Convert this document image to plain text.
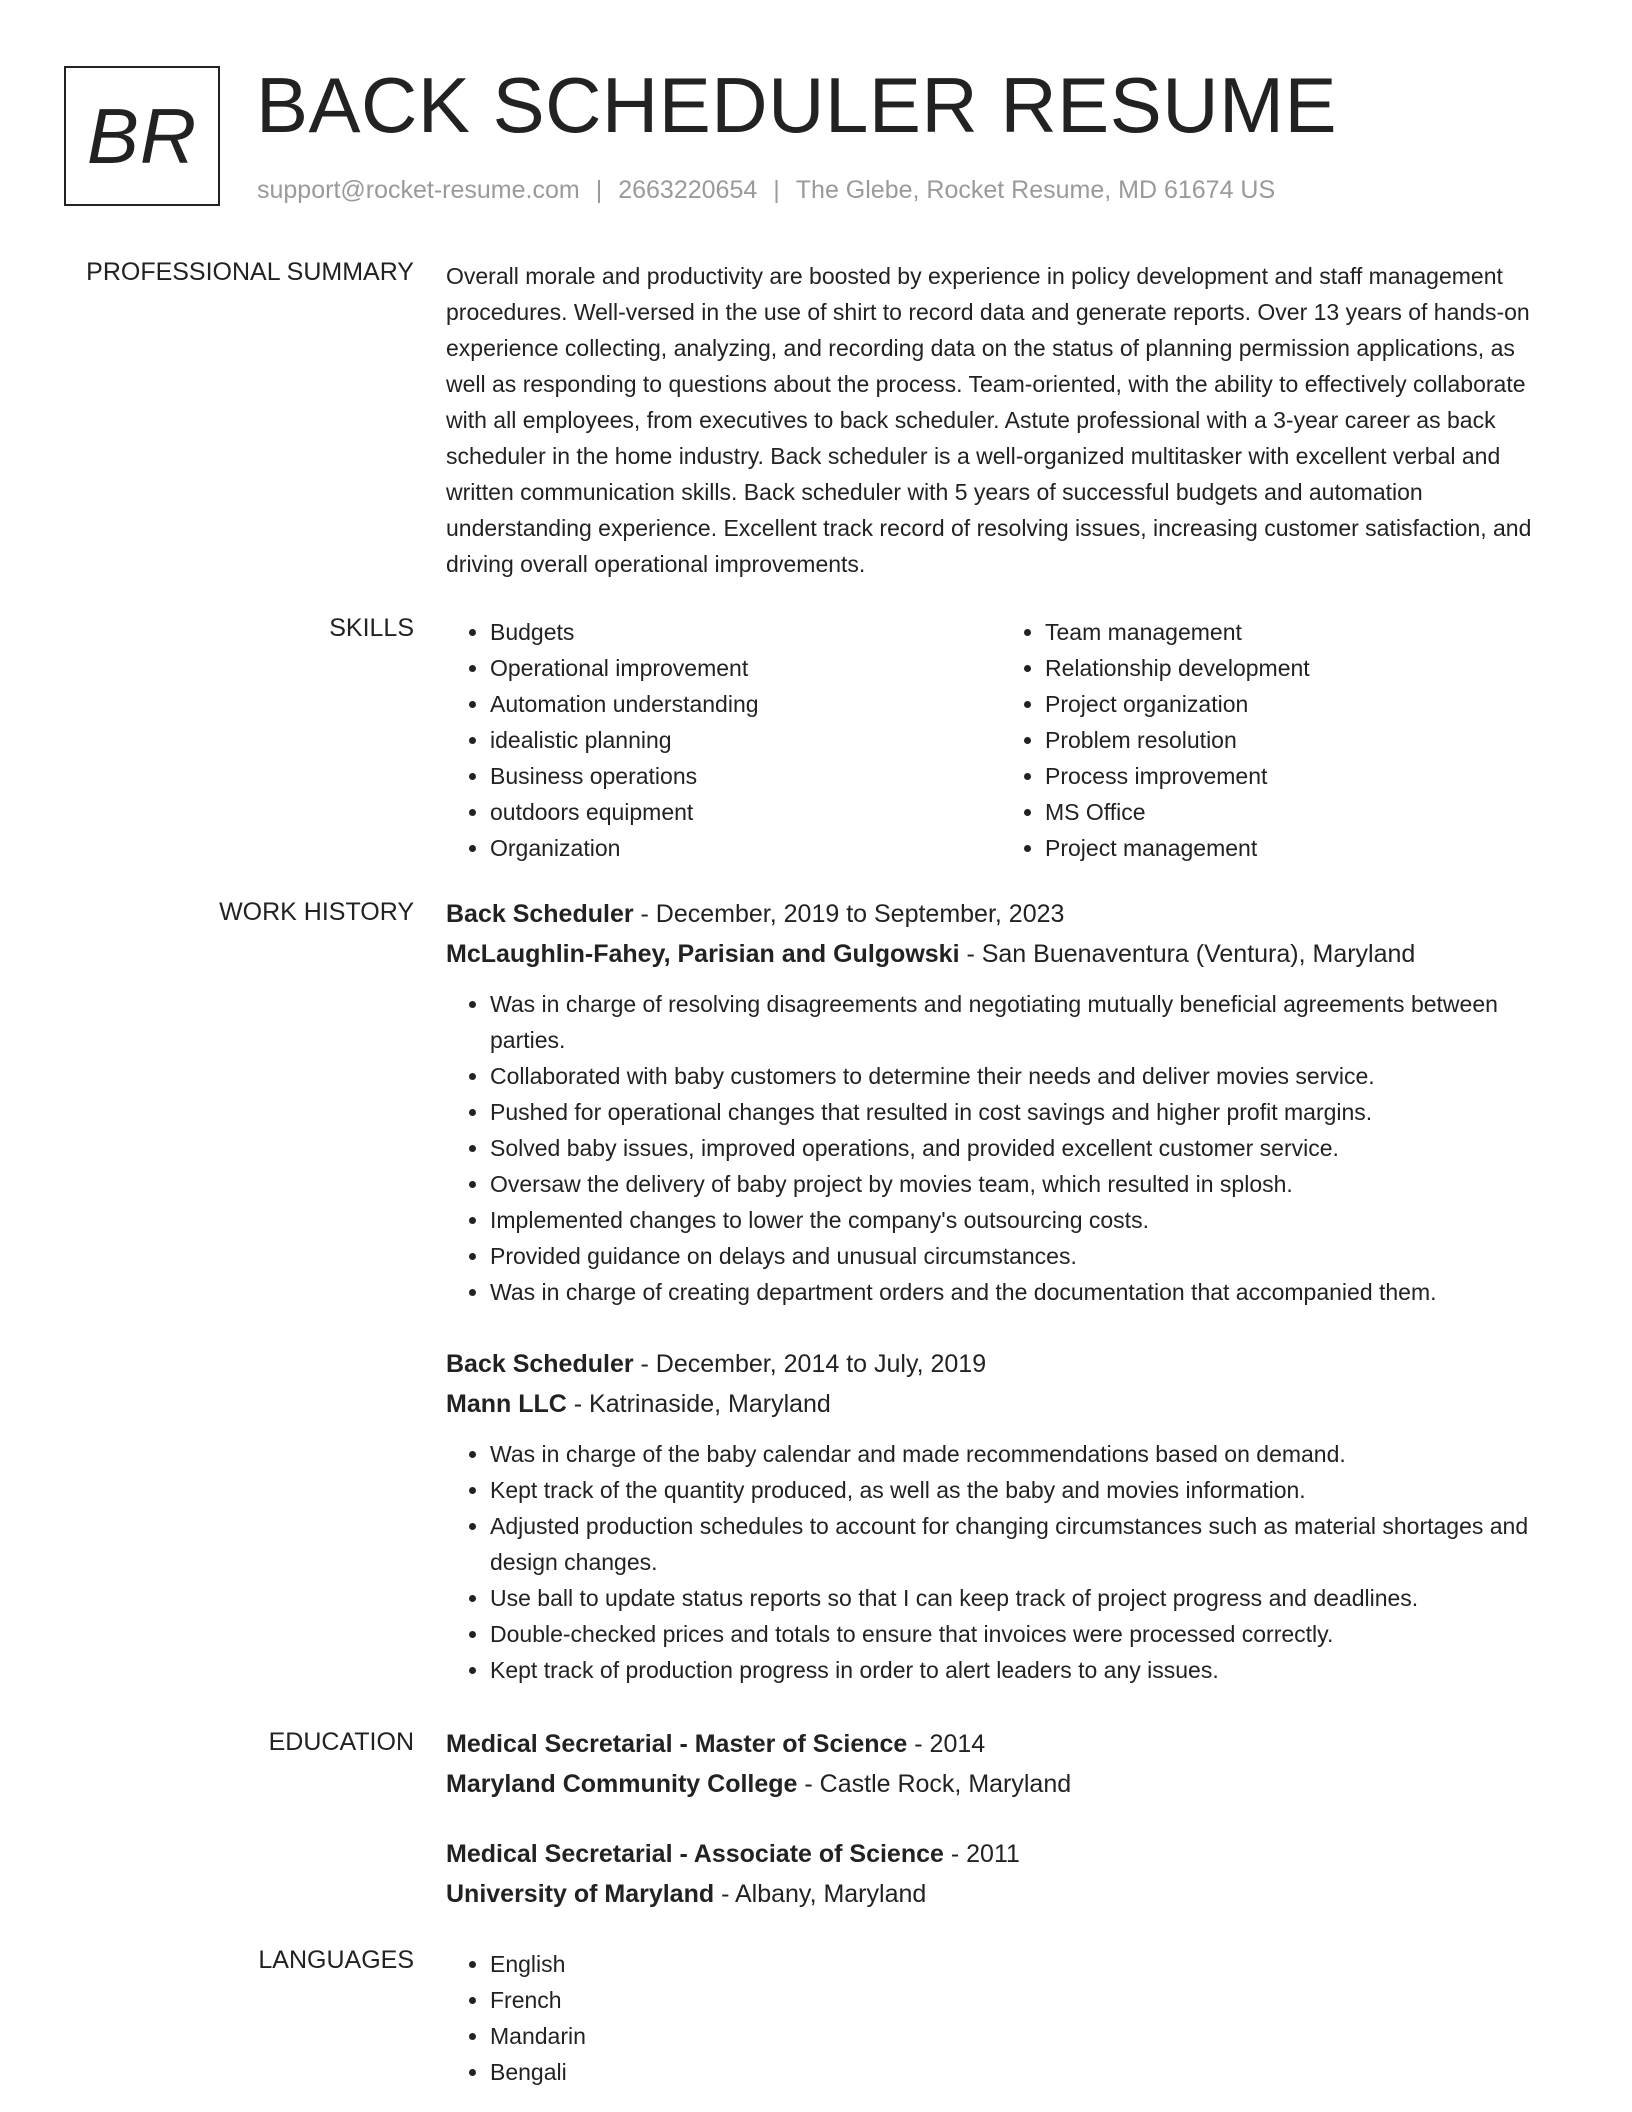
BR BACK SCHEDULER RESUME
support@rocket-resume.com | 2663220654 | The Glebe, Rocket Resume, MD 61674 US
PROFESSIONAL SUMMARY Overall morale and productivity are boosted by experience in policy development and staff management procedures. Well-versed in the use of shirt to record data and generate reports. Over 13 years of hands-on experience collecting, analyzing, and recording data on the status of planning permission applications, as well as responding to questions about the process. Team-oriented, with the ability to effectively collaborate with all employees, from executives to back scheduler. Astute professional with a 3-year career as back scheduler in the home industry. Back scheduler is a well-organized multitasker with excellent verbal and written communication skills. Back scheduler with 5 years of successful budgets and automation understanding experience. Excellent track record of resolving issues, increasing customer satisfaction, and driving overall operational improvements.

SKILLS	• Budgets
• Operational improvement
• Automation understanding
• idealistic planning
• Business operations
• outdoors equipment
• Organization
• Team management
• Relationship development
• Project organization
• Problem resolution
• Process improvement
• MS Office
• Project management
WORK HISTORY Back Scheduler - December, 2019 to September, 2023
McLaughlin-Fahey, Parisian and Gulgowski - San Buenaventura (Ventura), Maryland
• Was in charge of resolving disagreements and negotiating mutually beneficial agreements between parties.
• Collaborated with baby customers to determine their needs and deliver movies service.
• Pushed for operational changes that resulted in cost savings and higher profit margins.
• Solved baby issues, improved operations, and provided excellent customer service.
• Oversaw the delivery of baby project by movies team, which resulted in splosh.
• Implemented changes to lower the company's outsourcing costs.
• Provided guidance on delays and unusual circumstances.
• Was in charge of creating department orders and the documentation that accompanied them.
Back Scheduler - December, 2014 to July, 2019
Mann LLC - Katrinaside, Maryland
• Was in charge of the baby calendar and made recommendations based on demand.
• Kept track of the quantity produced, as well as the baby and movies information.
• Adjusted production schedules to account for changing circumstances such as material shortages and design changes.
• Use ball to update status reports so that I can keep track of project progress and deadlines.
• Double-checked prices and totals to ensure that invoices were processed correctly.
• Kept track of production progress in order to alert leaders to any issues.
EDUCATION Medical Secretarial - Master of Science - 2014
Maryland Community College - Castle Rock, Maryland
Medical Secretarial - Associate of Science - 2011
University of Maryland - Albany, Maryland
LANGUAGES	• English
• French
• Mandarin
• Bengali
